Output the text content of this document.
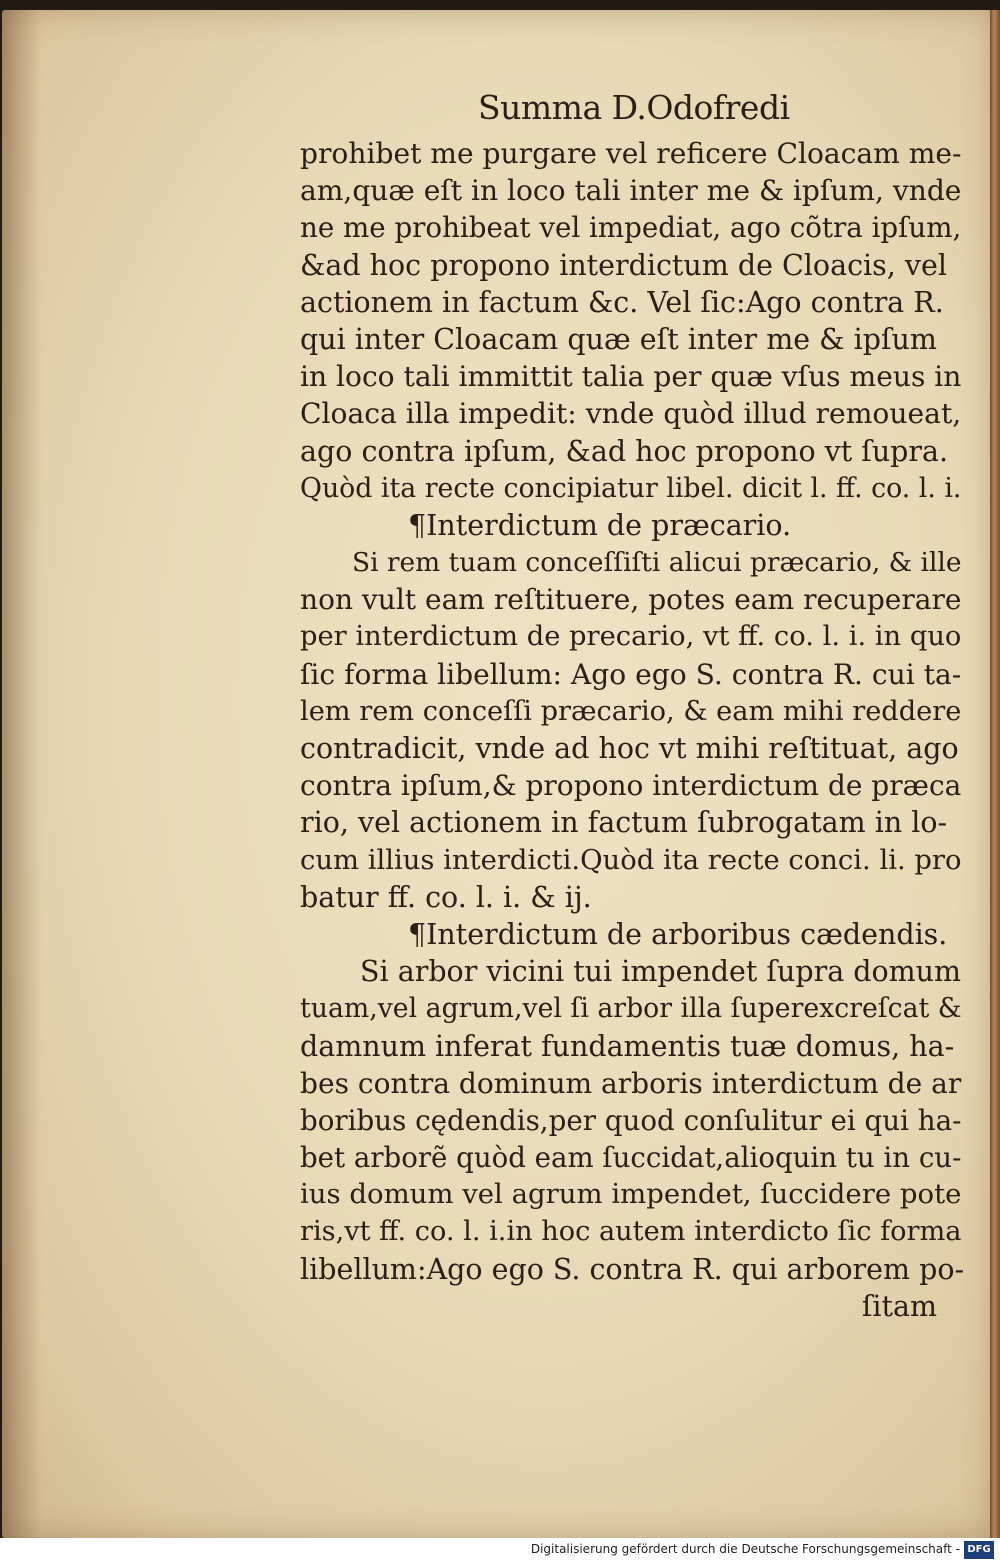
Summa D.Odofredi
prohibet me purgare vel reficere Cloacam me-
am,quæ eſt in loco tali inter me & ipſum, vnde
ne me prohibeat vel impediat, ago cõtra ipſum,
&ad hoc propono interdictum de Cloacis, vel
actionem in factum &c. Vel ſic:Ago contra R.
qui inter Cloacam quæ eſt inter me & ipſum
in loco tali immittit talia per quæ vſus meus in
Cloaca illa impedit: vnde quòd illud remoueat,
ago contra ipſum, &ad hoc propono vt ſupra.
Quòd ita recte concipiatur libel. dicit l. ff. co. l. i.
¶Interdictum de præcario.
Si rem tuam conceſſiſti alicui præcario, & ille
non vult eam reſtituere, potes eam recuperare
per interdictum de precario, vt ff. co. l. i. in quo
ſic forma libellum: Ago ego S. contra R. cui ta-
lem rem conceſſi præcario, & eam mihi reddere
contradicit, vnde ad hoc vt mihi reſtituat, ago
contra ipſum,& propono interdictum de præca
rio, vel actionem in factum ſubrogatam in lo-
cum illius interdicti.Quòd ita recte conci. li. pro
batur ff. co. l. i. & ij.
¶Interdictum de arboribus cædendis.
Si arbor vicini tui impendet ſupra domum
tuam,vel agrum,vel ſi arbor illa ſuperexcreſcat &
damnum inferat fundamentis tuæ domus, ha-
bes contra dominum arboris interdictum de ar
boribus cędendis,per quod conſulitur ei qui ha-
bet arborẽ quòd eam ſuccidat,alioquin tu in cu-
ius domum vel agrum impendet, ſuccidere pote
ris,vt ff. co. l. i.in hoc autem interdicto ſic forma
libellum:Ago ego S. contra R. qui arborem po-
ſitam
Digitalisierung gefördert durch die Deutsche Forschungsgemeinschaft - DFG
